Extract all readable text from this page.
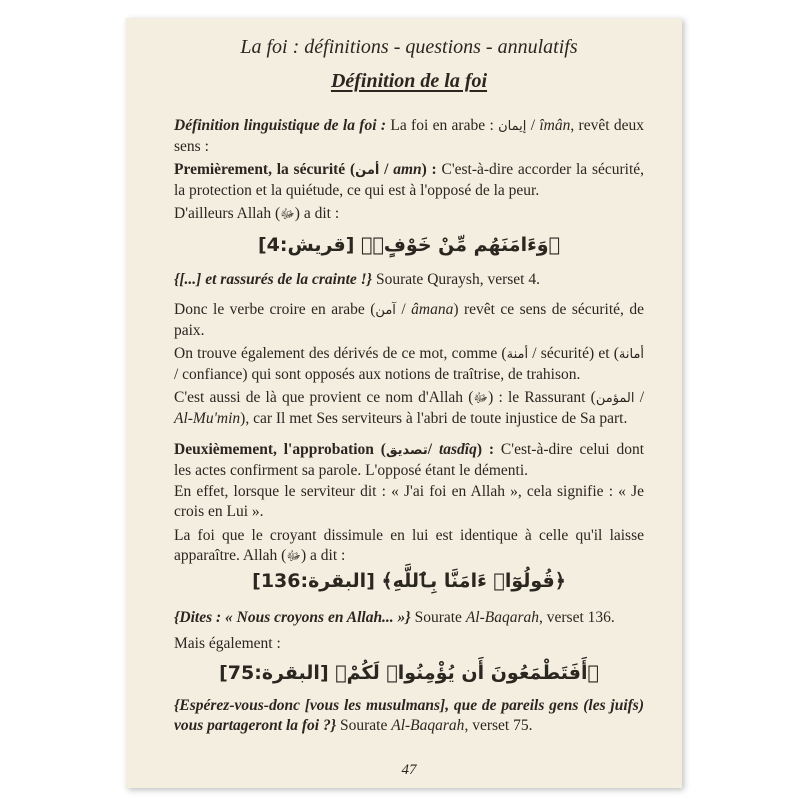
La foi : définitions - questions - annulatifs
Définition de la foi
Définition linguistique de la foi : La foi en arabe : إيمان / îmân, revêt deux sens :
Premièrement, la sécurité (أمن / amn) : C'est-à-dire accorder la sécurité, la protection et la quiétude, ce qui est à l'opposé de la peur.
D'ailleurs Allah (ﷻ) a dit :
﴿وَءَامَنَهُم مِّنْ خَوْفٍۭ﴾ [قريش:4]
{[...] et rassurés de la crainte !} Sourate Quraysh, verset 4.
Donc le verbe croire en arabe (آمن / âmana) revêt ce sens de sécurité, de paix.
On trouve également des dérivés de ce mot, comme (أمنة / sécurité) et (أمانة / confiance) qui sont opposés aux notions de traîtrise, de trahison.
C'est aussi de là que provient ce nom d'Allah (ﷻ) : le Rassurant (المؤمن / Al-Mu'min), car Il met Ses serviteurs à l'abri de toute injustice de Sa part.
Deuxièmement, l'approbation (تصديق/ tasdîq) : C'est-à-dire celui dont les actes confirment sa parole. L'opposé étant le démenti.
En effet, lorsque le serviteur dit : « J'ai foi en Allah », cela signifie : « Je crois en Lui ».
La foi que le croyant dissimule en lui est identique à celle qu'il laisse apparaître. Allah (ﷻ) a dit :
﴿قُولُوٓا۟ ءَامَنَّا بِٱللَّهِ﴾ [البقرة:136]
{Dites : « Nous croyons en Allah... »} Sourate Al-Baqarah, verset 136.
Mais également :
﴿أَفَتَطْمَعُونَ أَن يُؤْمِنُوا۟ لَكُمْ﴾ [البقرة:75]
{Espérez-vous-donc [vous les musulmans], que de pareils gens (les juifs) vous partageront la foi ?} Sourate Al-Baqarah, verset 75.
47
